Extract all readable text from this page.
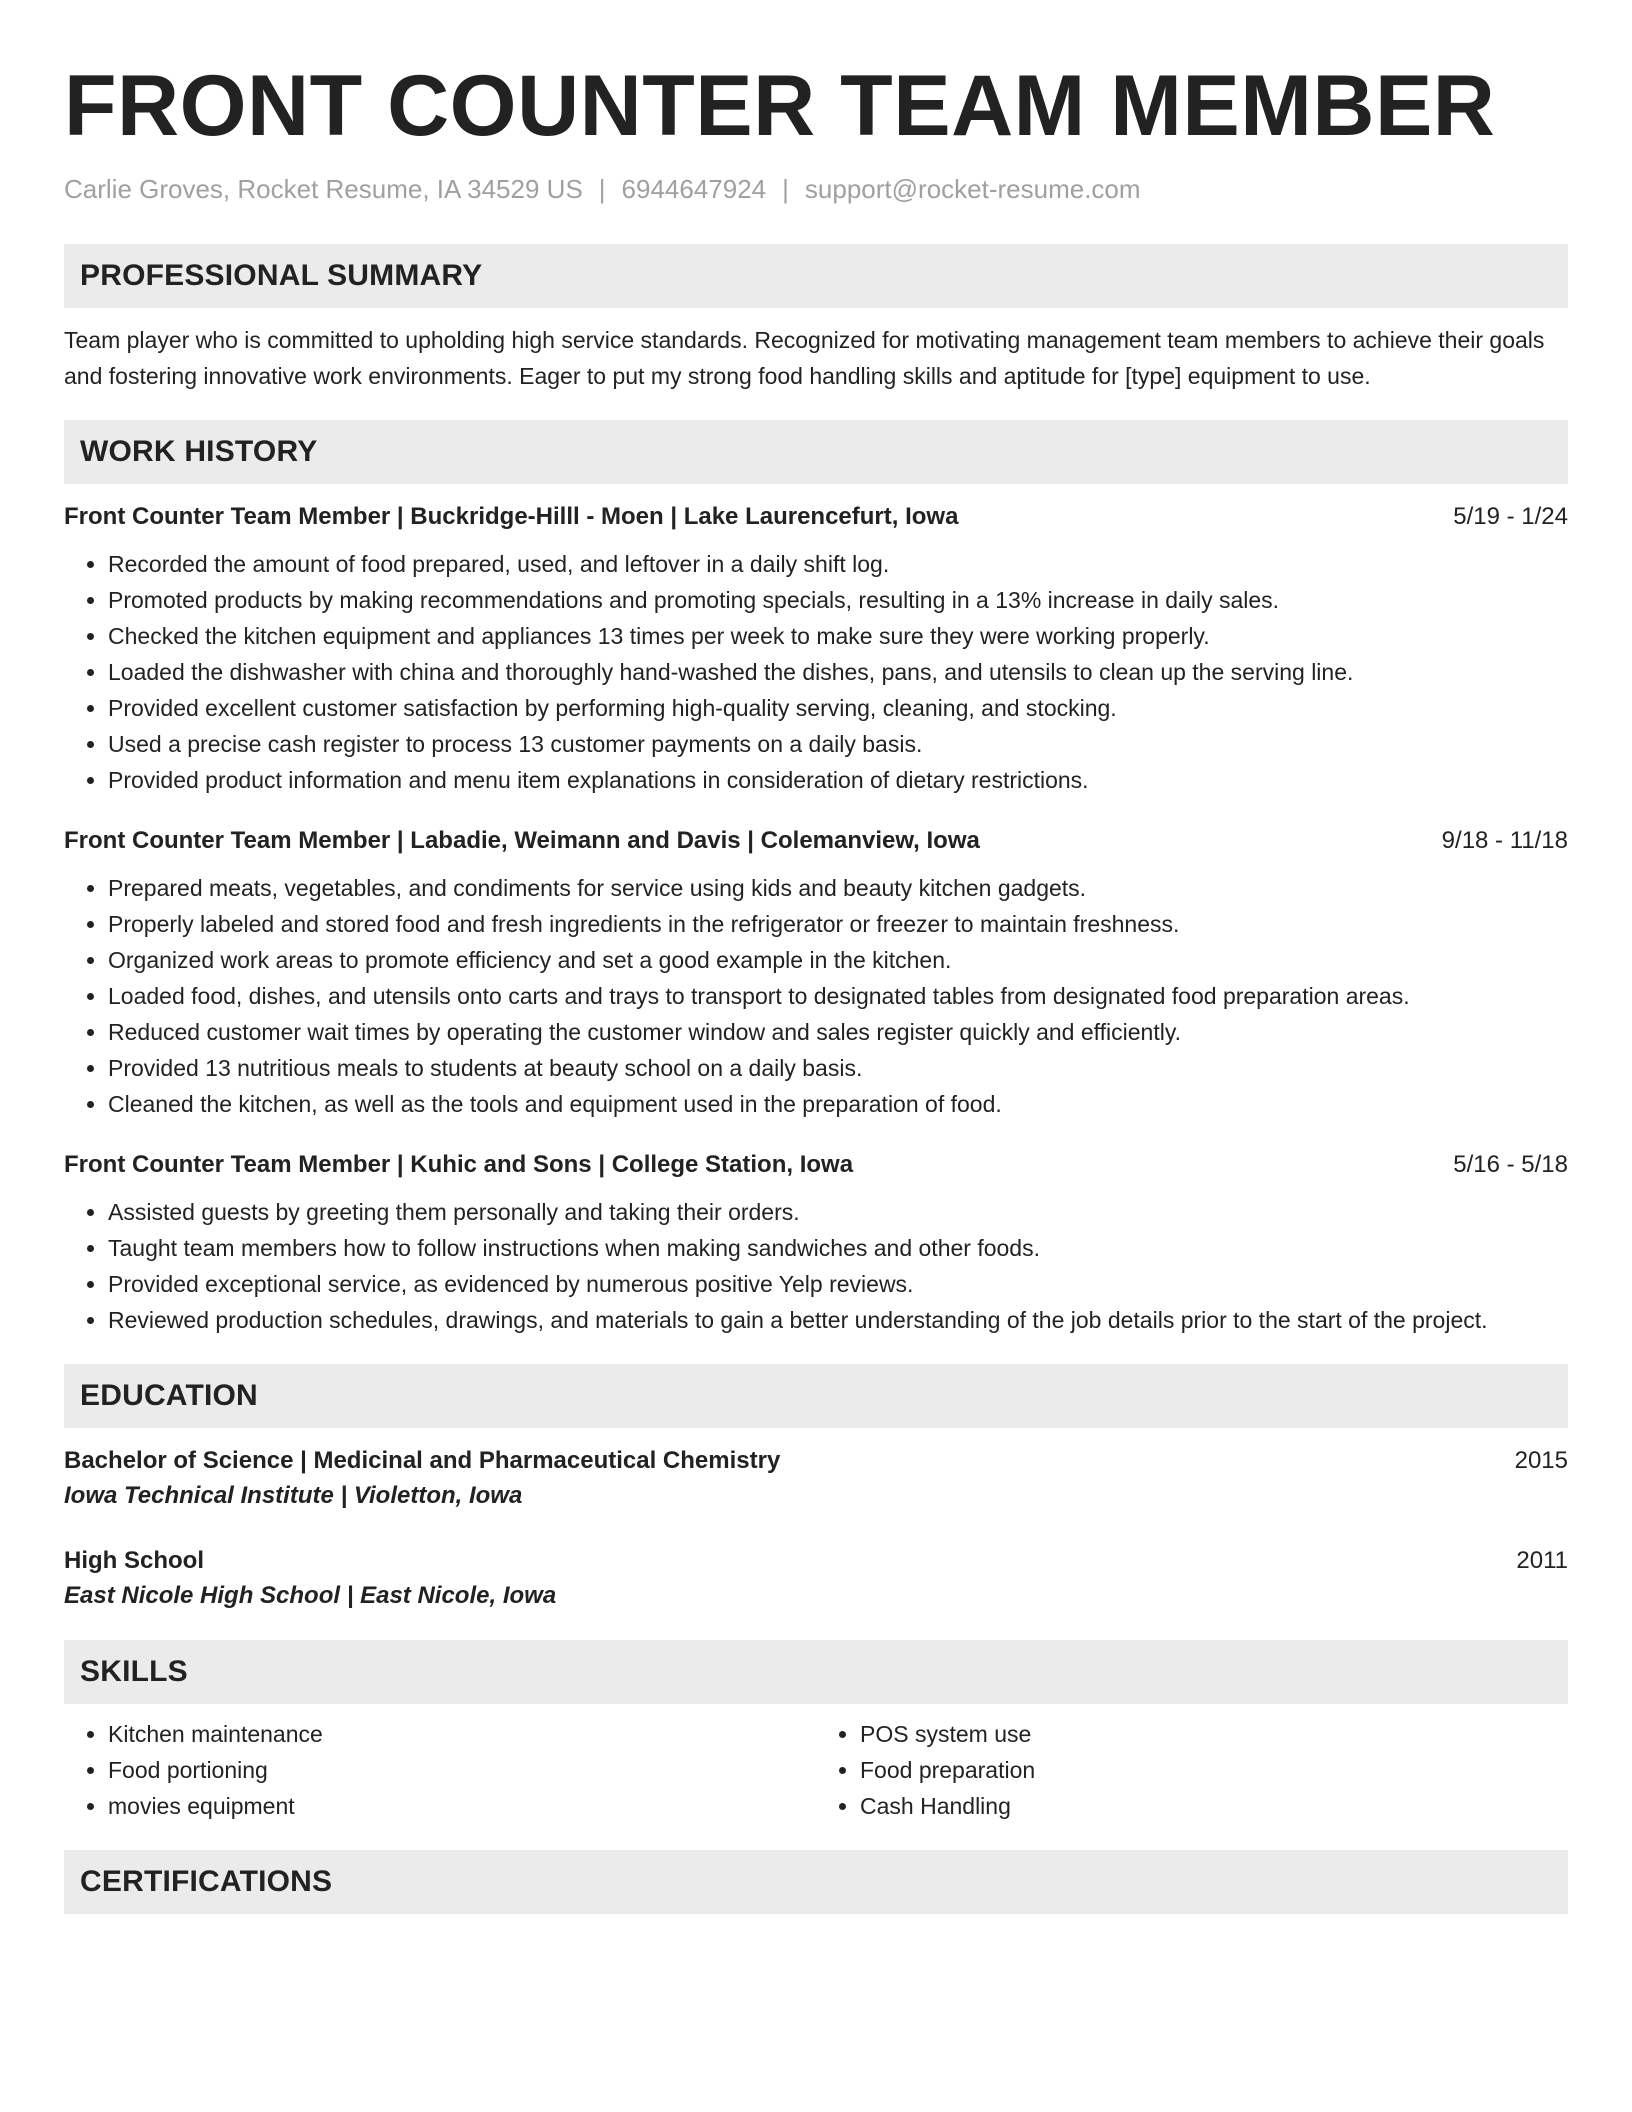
FRONT COUNTER TEAM MEMBER
Carlie Groves, Rocket Resume, IA 34529 US | 6944647924 | support@rocket-resume.com
PROFESSIONAL SUMMARY
Team player who is committed to upholding high service standards. Recognized for motivating management team members to achieve their goals and fostering innovative work environments. Eager to put my strong food handling skills and aptitude for [type] equipment to use.
WORK HISTORY
Front Counter Team Member | Buckridge-Hilll - Moen | Lake Laurencefurt, Iowa	5/19 - 1/24
• Recorded the amount of food prepared, used, and leftover in a daily shift log.
• Promoted products by making recommendations and promoting specials, resulting in a 13% increase in daily sales.
• Checked the kitchen equipment and appliances 13 times per week to make sure they were working properly.
• Loaded the dishwasher with china and thoroughly hand-washed the dishes, pans, and utensils to clean up the serving line.
• Provided excellent customer satisfaction by performing high-quality serving, cleaning, and stocking.
• Used a precise cash register to process 13 customer payments on a daily basis.
• Provided product information and menu item explanations in consideration of dietary restrictions.
Front Counter Team Member | Labadie, Weimann and Davis | Colemanview, Iowa	9/18 - 11/18
• Prepared meats, vegetables, and condiments for service using kids and beauty kitchen gadgets.
• Properly labeled and stored food and fresh ingredients in the refrigerator or freezer to maintain freshness.
• Organized work areas to promote efficiency and set a good example in the kitchen.
• Loaded food, dishes, and utensils onto carts and trays to transport to designated tables from designated food preparation areas.
• Reduced customer wait times by operating the customer window and sales register quickly and efficiently.
• Provided 13 nutritious meals to students at beauty school on a daily basis.
• Cleaned the kitchen, as well as the tools and equipment used in the preparation of food.
Front Counter Team Member | Kuhic and Sons | College Station, Iowa	5/16 - 5/18
• Assisted guests by greeting them personally and taking their orders.
• Taught team members how to follow instructions when making sandwiches and other foods.
• Provided exceptional service, as evidenced by numerous positive Yelp reviews.
• Reviewed production schedules, drawings, and materials to gain a better understanding of the job details prior to the start of the project.
EDUCATION
Bachelor of Science | Medicinal and Pharmaceutical Chemistry	2015
Iowa Technical Institute | Violetton, Iowa
High School	2011
East Nicole High School | East Nicole, Iowa
SKILLS
• Kitchen maintenance
• Food portioning
• movies equipment
• POS system use
• Food preparation
• Cash Handling
CERTIFICATIONS
